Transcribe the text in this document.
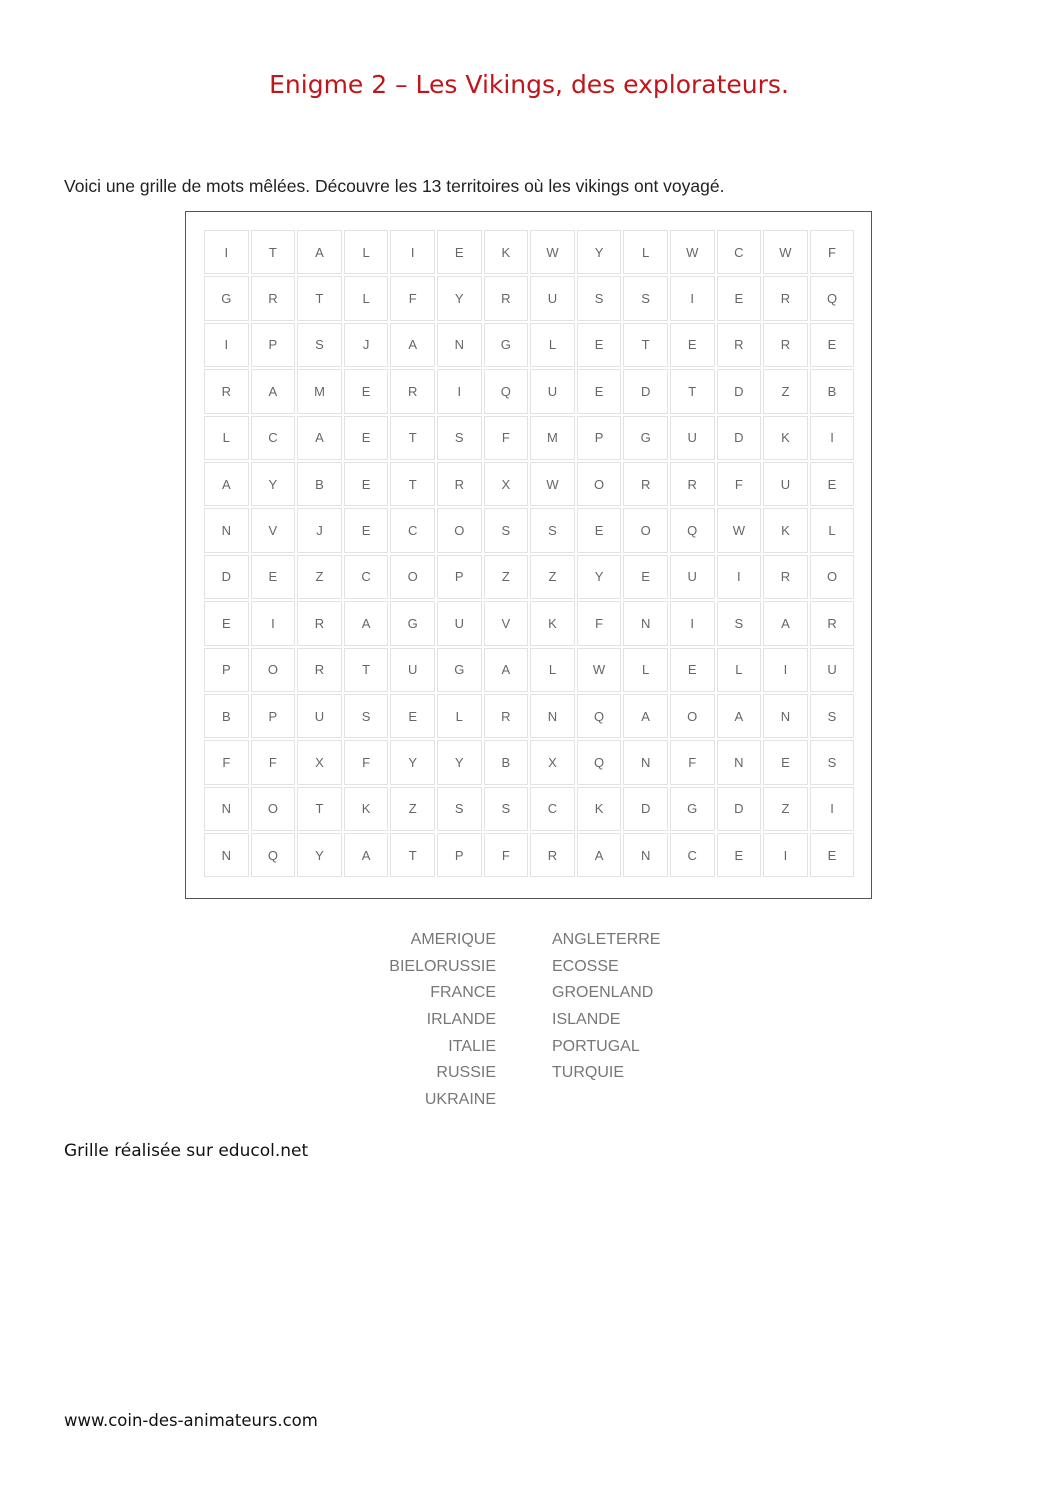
Enigme 2 – Les Vikings, des explorateurs.

Voici une grille de mots mêlées. Découvre les 13 territoires où les vikings ont voyagé.

I	T	A	L	I	E	K	W	Y	L	W	C	W	F
G	R	T	L	F	Y	R	U	S	S	I	E	R	Q
I	P	S	J	A	N	G	L	E	T	E	R	R	E
R	A	M	E	R	I	Q	U	E	D	T	D	Z	B
L	C	A	E	T	S	F	M	P	G	U	D	K	I
A	Y	B	E	T	R	X	W	O	R	R	F	U	E
N	V	J	E	C	O	S	S	E	O	Q	W	K	L
D	E	Z	C	O	P	Z	Z	Y	E	U	I	R	O
E	I	R	A	G	U	V	K	F	N	I	S	A	R
P	O	R	T	U	G	A	L	W	L	E	L	I	U
B	P	U	S	E	L	R	N	Q	A	O	A	N	S
F	F	X	F	Y	Y	B	X	Q	N	F	N	E	S
N	O	T	K	Z	S	S	C	K	D	G	D	Z	I
N	Q	Y	A	T	P	F	R	A	N	C	E	I	E
AMERIQUE
BIELORUSSIE
FRANCE
IRLANDE
ITALIE
RUSSIE
UKRAINE
ANGLETERRE
ECOSSE
GROENLAND
ISLANDE
PORTUGAL
TURQUIE

Grille réalisée sur educol.net

www.coin-des-animateurs.com
